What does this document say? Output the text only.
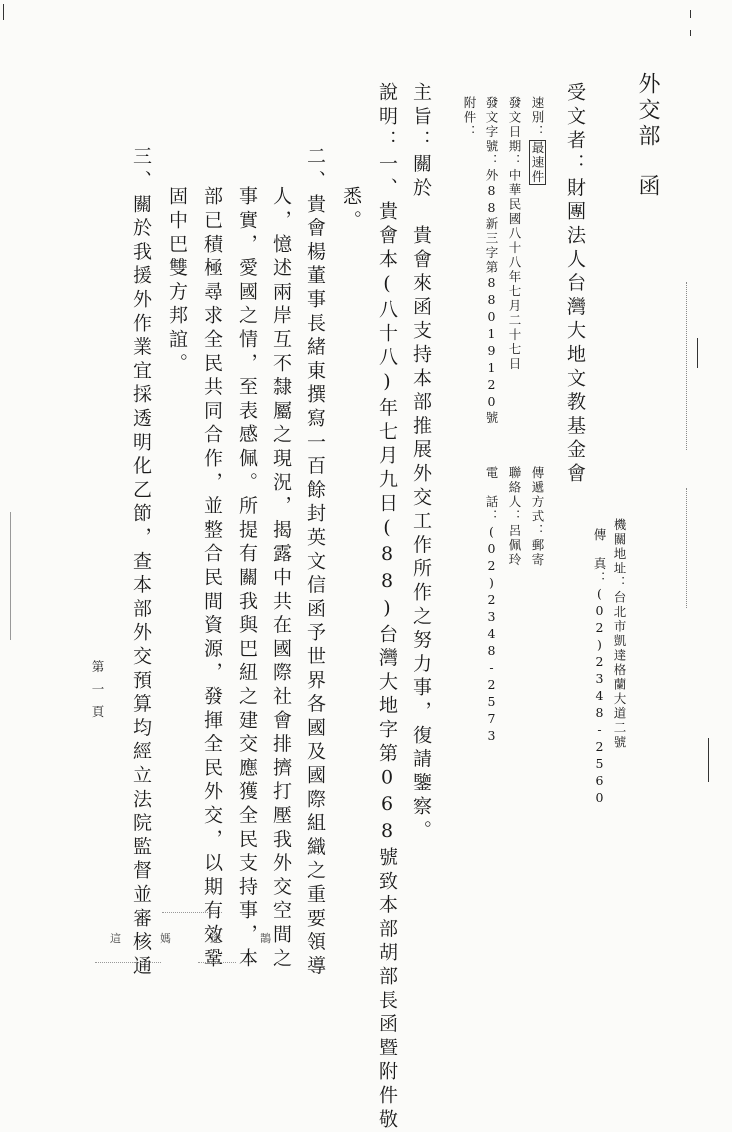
外交部
函
機關地址：台北市凱達格蘭大道二號
傳　真：(02)2348-2560
傳遞方式：郵寄
聯絡人：呂佩玲
電　話：(02)2348-2573
受文者：財團法人台灣大地文教基金會
速別：最速件
發文日期：中華民國八十八年七月二十七日
發文字號：外88新三字第88019120號
附件：
主旨：關於　貴會來函支持本部推展外交工作所作之努力事，復請鑒察。
悉。 說明：一、貴會本(八十八)年七月九日(88)台灣大地字第068號致本部胡部長函暨附件敬
二、貴會楊董事長緒東撰寫一百餘封英文信函予世界各國及國際組織之重要領導
人，憶述兩岸互不隸屬之現況，揭露中共在國際社會排擠打壓我外交空間之
事實，愛國之情，至表感佩。所提有關我與巴紐之建交應獲全民支持事，本
部已積極尋求全民共同合作，並整合民間資源，發揮全民外交，以期有效鞏
固中巴雙方邦誼。
三、關於我援外作業宜採透明化乙節，查本部外交預算均經立法院監督並審核通
第一頁
這　媽　途　鵲
